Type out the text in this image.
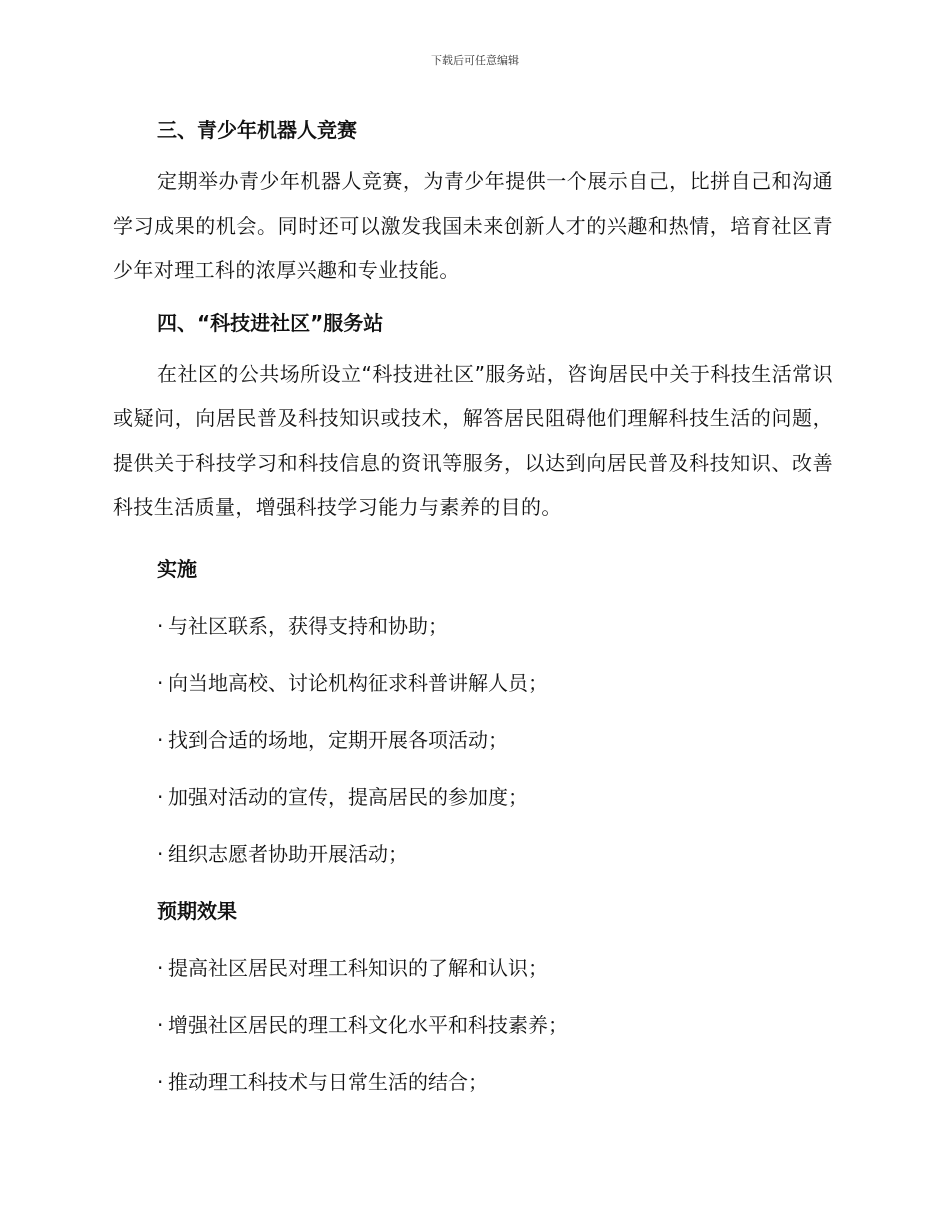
下载后可任意编辑
三、青少年机器人竞赛

定期举办青少年机器人竞赛，为青少年提供一个展示自己，比拼自己和沟通学习成果的机会。同时还可以激发我国未来创新人才的兴趣和热情，培育社区青少年对理工科的浓厚兴趣和专业技能。

四、“科技进社区”服务站

在社区的公共场所设立“科技进社区”服务站，咨询居民中关于科技生活常识或疑问，向居民普及科技知识或技术，解答居民阻碍他们理解科技生活的问题，提供关于科技学习和科技信息的资讯等服务，以达到向居民普及科技知识、改善科技生活质量，增强科技学习能力与素养的目的。

实施

· 与社区联系，获得支持和协助；

· 向当地高校、讨论机构征求科普讲解人员；

· 找到合适的场地，定期开展各项活动；

· 加强对活动的宣传，提高居民的参加度；

· 组织志愿者协助开展活动；

预期效果

· 提高社区居民对理工科知识的了解和认识；

· 增强社区居民的理工科文化水平和科技素养；

· 推动理工科技术与日常生活的结合；
